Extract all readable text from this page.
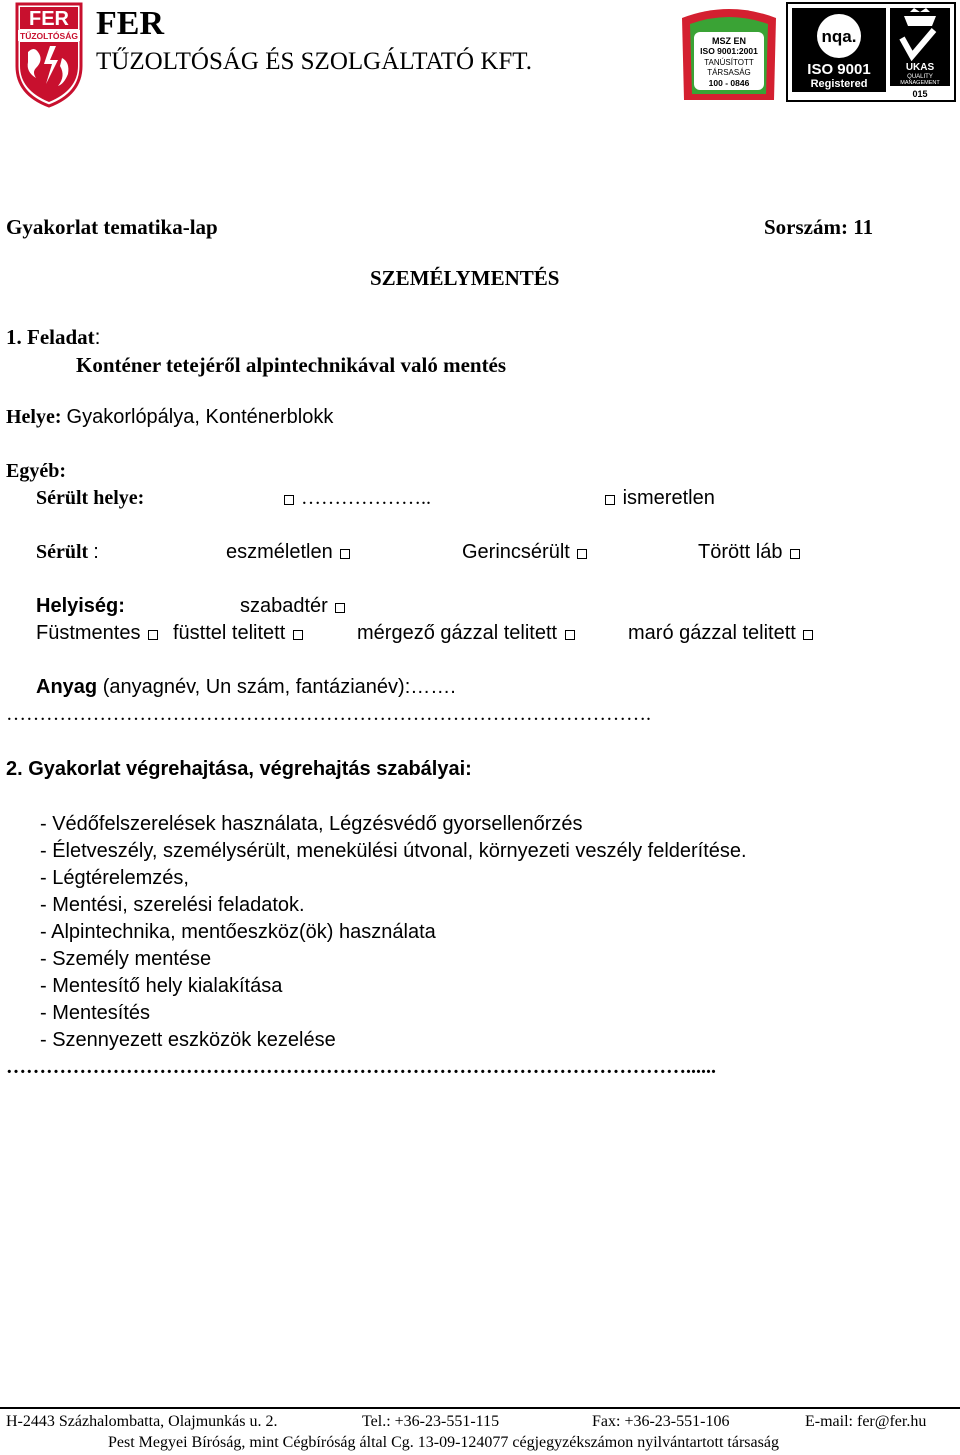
FER
TŰZOLTÓSÁG FER
TŰZOLTÓSÁG ÉS SZOLGÁLTATÓ KFT.
MSZ EN
ISO 9001:2001
TANÚSÍTOTT
TÁRSASÁG
100 - 0846
nqa.
ISO 9001
Registered
UKAS
QUALITY
MANAGEMENT
015
Gyakorlat tematika-lap	Sorszám: 11
SZEMÉLYMENTÉS
1. Feladat:
Konténer tetejéről alpintechnikával való mentés
Helye: Gyakorlópálya, Konténerblokk
Egyéb:
Sérült helye:	………………..	ismeretlen
Sérült :	eszméletlen	Gerincsérült	Törött láb
Helyiség:	szabadtér
Füstmentes	füsttel telitett	mérgező gázzal telitett	maró gázzal telitett
Anyag (anyagnév, Un szám, fantázianév):…….
…………………………………………………………………………………….
2. Gyakorlat végrehajtása, végrehajtás szabályai:
- Védőfelszerelések használata, Légzésvédő gyorsellenőrzés
- Életveszély, személysérült, menekülési útvonal, környezeti veszély felderítése.
- Légtérelemzés,
- Mentési, szerelési feladatok.
- Alpintechnika, mentőeszköz(ök) használata
- Személy mentése
- Mentesítő hely kialakítása
- Mentesítés
- Szennyezett eszközök kezelése
…………………………………………………………………………………………......
H-2443 Százhalombatta, Olajmunkás u. 2.	Tel.: +36-23-551-115	Fax: +36-23-551-106	E-mail: fer@fer.hu
Pest Megyei Bíróság, mint Cégbíróság által Cg. 13-09-124077 cégjegyzékszámon nyilvántartott társaság
